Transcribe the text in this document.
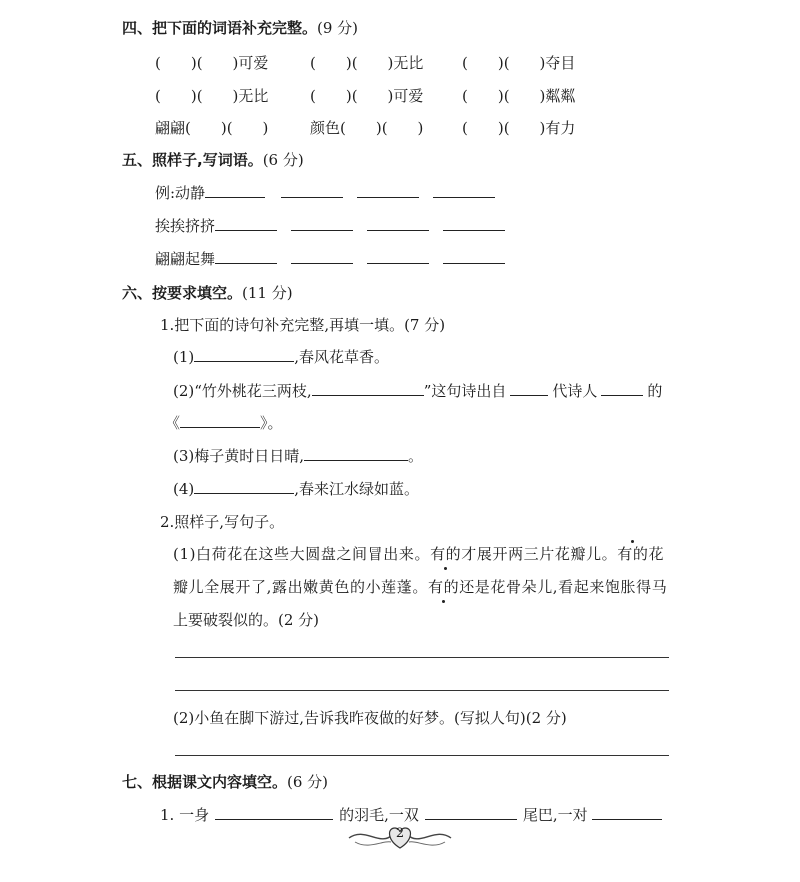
四、把下面的词语补充完整。(9 分)
(　　)(　　)可爱	(　　)(　　)无比	(　　)(　　)夺目
(　　)(　　)无比	(　　)(　　)可爱	(　　)(　　)粼粼
翩翩(　　)(　　)	颜色(　　)(　　)	(　　)(　　)有力
五、照样子,写词语。(6 分)
例:动静
挨挨挤挤
翩翩起舞
六、按要求填空。(11 分)
1.把下面的诗句补充完整,再填一填。(7 分)
(1)	,春风花草香。
(2)“竹外桃花三两枝,	”这句诗出自	代诗人	的
《	》。
(3)梅子黄时日日晴,	。
(4)	,春来江水绿如蓝。
2.照样子,写句子。
(1)白荷花在这些大圆盘之间冒出来。有的才展开两三片花瓣儿。有的花
瓣儿全展开了,露出嫩黄色的小莲蓬。有的还是花骨朵儿,看起来饱胀得马
上要破裂似的。(2 分)
(2)小鱼在脚下游过,告诉我昨夜做的好梦。(写拟人句)(2 分)
七、根据课文内容填空。(6 分)
1. 一身	的羽毛,一双	尾巴,一对
2
